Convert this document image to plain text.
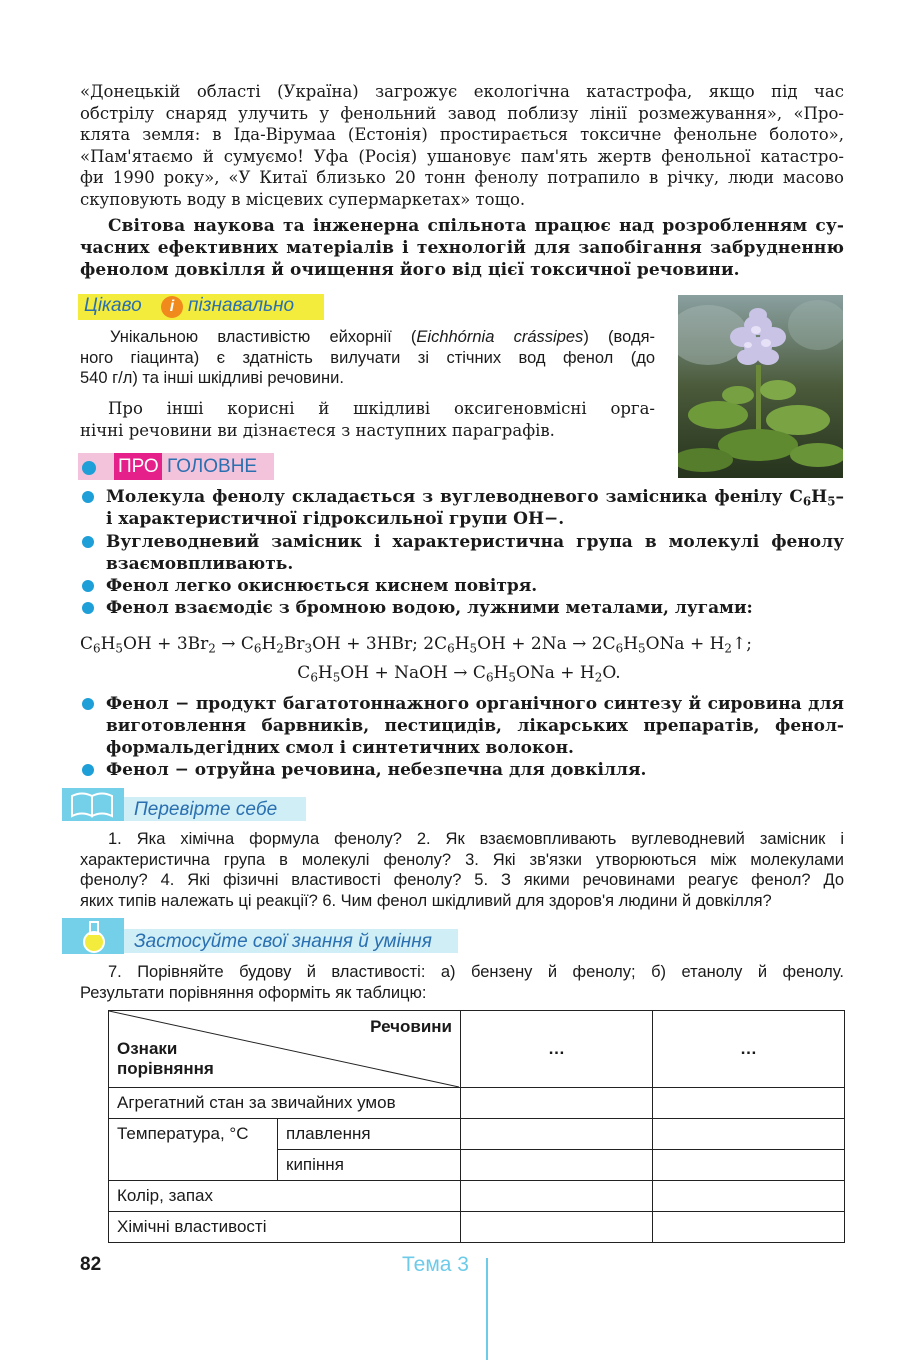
«Донецькій області (Україна) загрожує екологічна катастрофа, якщо під час
обстрілу снаряд улучить у фенольний завод поблизу лінії розмежування», «Про-
клята земля: в Іда-Вірумаа (Естонія) простирається токсичне фенольне болото»,
«Пам'ятаємо й сумуємо! Уфа (Росія) ушановує пам'ять жертв фенольної катастро-
фи 1990 року», «У Китаї близько 20 тонн фенолу потрапило в річку, люди масово
скуповують воду в місцевих супермаркетах» тощо.
Світова наукова та інженерна спільнота працює над розробленням су-
часних ефективних матеріалів і технологій для запобігання забрудненню
фенолом довкілля й очищення його від цієї токсичної речовини.
Цікаво	i пізнавально
Унікальною властивістю ейхорнії (Eichhórnia crássipes) (водя-
ного гіацинта) є здатність вилучати зі стічних вод фенол (до
540 г/л) та інші шкідливі речовини.
Про інші корисні й шкідливі оксигеновмісні орга-
нічні речовини ви дізнаєтеся з наступних параграфів.
ПРО ГОЛОВНЕ
Молекула фенолу складається з вуглеводневого замісника фенілу $C_6H_5-$
і характеристичної гідроксильної групи OH−.
Вуглеводневий замісник і характеристична група в молекулі фенолу
взаємовпливають.
Фенол легко окиснюється киснем повітря.
Фенол взаємодіє з бромною водою, лужними металами, лугами:
$C_6H_5OH + 3Br_2 \to C_6H_2Br_3OH + 3HBr$; $2C_6H_5OH + 2Na \to 2C_6H_5ONa$ + $H_2↑$;
$C_6H_5OH$ + NaOH → $C_6H_5ONa + H_2O$.
Фенол − продукт багатотоннажного органічного синтезу й сировина для
виготовлення барвників, пестицидів, лікарських препаратів, фенол-
формальдегідних смол і синтетичних волокон.
Фенол − отруйна речовина, небезпечна для довкілля.
Перевірте себе
1. Яка хімічна формула фенолу? 2. Як взаємовпливають вуглеводневий замісник і
характеристична група в молекулі фенолу? 3. Які зв'язки утворюються між молекулами
фенолу? 4. Які фізичні властивості фенолу? 5. З якими речовинами реагує фенол? До
яких типів належать ці реакції? 6. Чим фенол шкідливий для здоров'я людини й довкілля?
Застосуйте свої знання й уміння
7. Порівняйте будову й властивості: а) бензену й фенолу; б) етанолу й фенолу.
Результати порівняння оформіть як таблицю:
Речовини
Ознаки
порівняння		…	…
Агрегатний стан за звичайних умов			
Температура, °С	плавлення		
	кипіння		
Колір, запах			
Хімічні властивості			
82	Тема 3
